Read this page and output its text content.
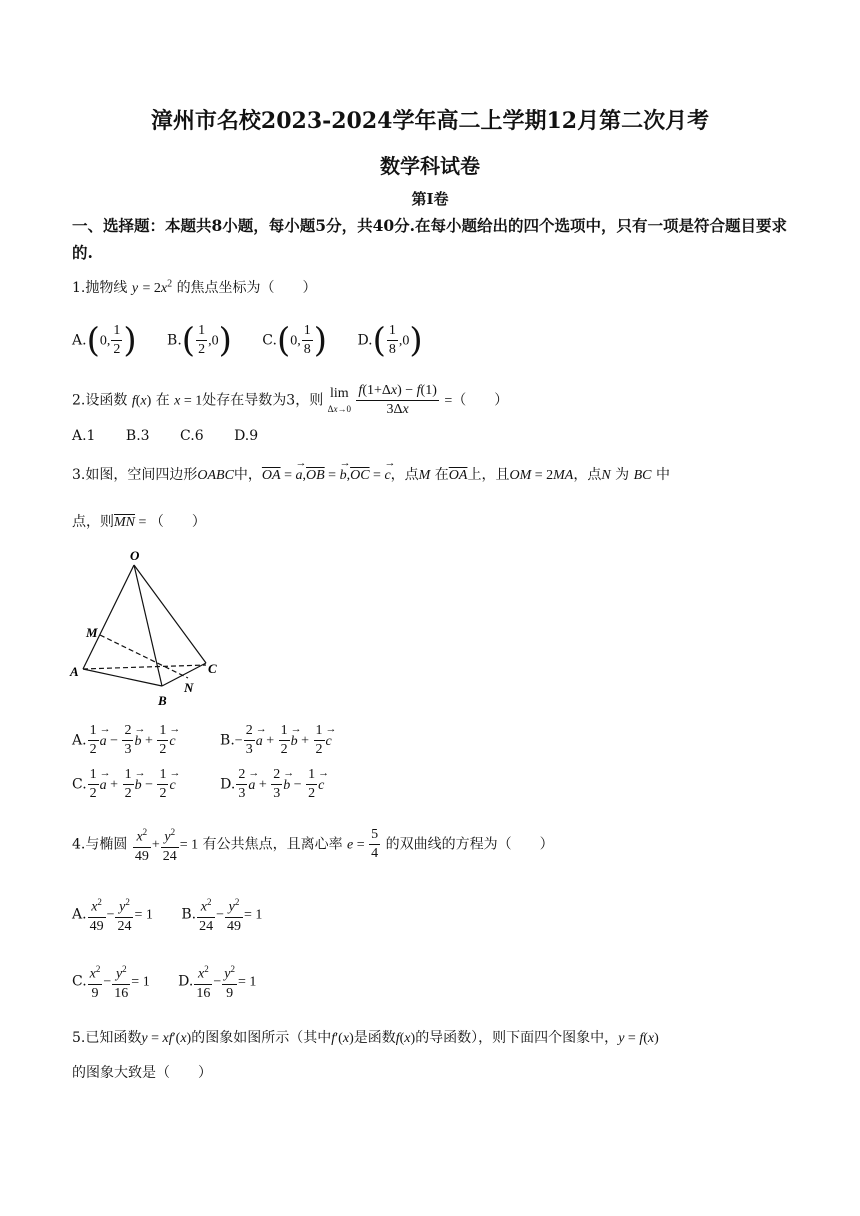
漳州市名校2023-2024学年高二上学期12月第二次月考
数学科试卷
第Ⅰ卷
一、选择题：本题共8小题，每小题5分，共40分.在每小题给出的四个选项中，只有一项是符合题目要求的.
1.抛物线 $y = 2x^2$ 的焦点坐标为（　　）
A.(0, $\frac{1}{2}$ ) $B.( \frac{1}{2} ,0)$ C.(0, $\frac{1}{8}$ ) $D.( \frac{1}{8} ,0)$
2.设函数 f(x) 在 x = 1处存在导数为3，则 lim
$\Delta x\to 0 \frac{f(1+\Delta x) - f(1)}{3\Delta x}$ =（　　）
A.1 B.3 C.6 D.9
3.如图，空间四边形OABC中，$\overline{OA}$ = → $a,\overline{OB}$ = → $b,\overline{OC}$ = → c，点M 在$\overline{OA}$上，且OM = 2MA，点N 为 BC 中
点，则$\overline{MN}$ = （　　）
O
M
A	C
N
B
A. $\frac{1}{2} \to a - \frac{2}{3} \to b + \frac{1}{2} \to c$	$B.- \frac{2}{3} \to a + \frac{1}{2} \to b + \frac{1}{2} \to c$
C. $\frac{1}{2} \to a + \frac{1}{2} \to b - \frac{1}{2} \to c$	D. $\frac{2}{3} \to a + \frac{2}{3} \to b - \frac{1}{2} \to c$
4.与椭圆 $\frac{x^2}{49} + \frac{y^2}{24} = 1$ 有公共焦点，且离心率 $e = \frac{5}{4}$ 的双曲线的方程为（　　）
A. $\frac{x^2}{49} - \frac{y^2}{24} = 1$ B. $\frac{x^2}{24} - \frac{y^2}{49} = 1$
C. $\frac{x^2}{9} - \frac{y^2}{16} = 1$ D. $\frac{x^2}{16} - \frac{y^2}{9} = 1$
5.已知函数y = xf′(x)的图象如图所示（其中f′(x)是函数f(x)的导函数），则下面四个图象中，y = f(x)
的图象大致是（　　）
